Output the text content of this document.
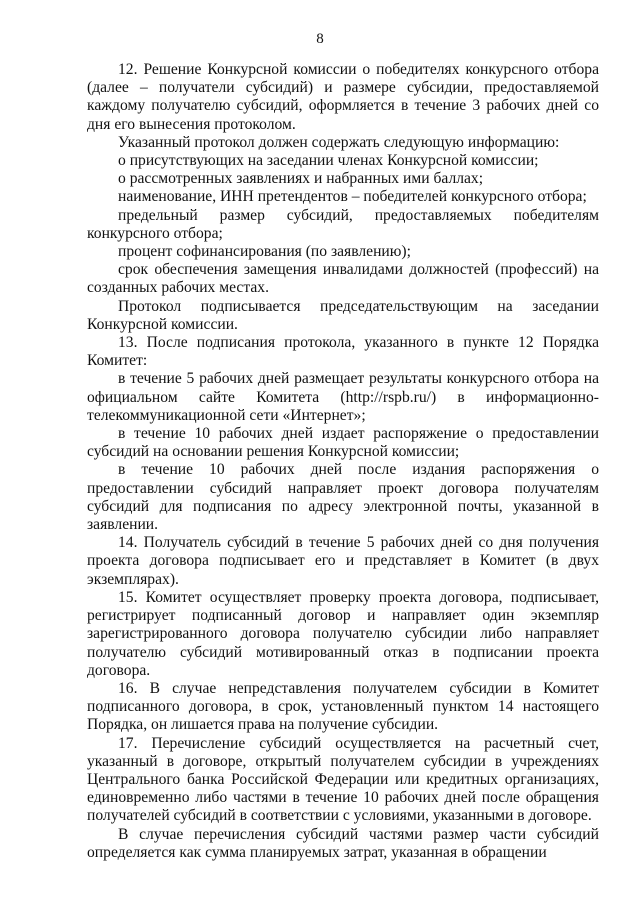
8

12. Решение Конкурсной комиссии о победителях конкурсного отбора (далее – получатели субсидий) и размере субсидии, предоставляемой каждому получателю субсидий, оформляется в течение 3 рабочих дней со дня его вынесения протоколом.

Указанный протокол должен содержать следующую информацию:

о присутствующих на заседании членах Конкурсной комиссии;

о рассмотренных заявлениях и набранных ими баллах;

наименование, ИНН претендентов – победителей конкурсного отбора;

предельный размер субсидий, предоставляемых победителям конкурсного отбора;

процент софинансирования (по заявлению);

срок обеспечения замещения инвалидами должностей (профессий) на созданных рабочих местах.

Протокол подписывается председательствующим на заседании Конкурсной комиссии.

13. После подписания протокола, указанного в пункте 12 Порядка Комитет:

в течение 5 рабочих дней размещает результаты конкурсного отбора на официальном сайте Комитета (http://rspb.ru/) в информационно-телекоммуникационной сети «Интернет»;

в течение 10 рабочих дней издает распоряжение о предоставлении субсидий на основании решения Конкурсной комиссии;

в течение 10 рабочих дней после издания распоряжения о предоставлении субсидий направляет проект договора получателям субсидий для подписания по адресу электронной почты, указанной в заявлении.

14. Получатель субсидий в течение 5 рабочих дней со дня получения проекта договора подписывает его и представляет в Комитет (в двух экземплярах).

15. Комитет осуществляет проверку проекта договора, подписывает, регистрирует подписанный договор и направляет один экземпляр зарегистрированного договора получателю субсидии либо направляет получателю субсидий мотивированный отказ в подписании проекта договора.

16. В случае непредставления получателем субсидии в Комитет подписанного договора, в срок, установленный пунктом 14 настоящего Порядка, он лишается права на получение субсидии.

17. Перечисление субсидий осуществляется на расчетный счет, указанный в договоре, открытый получателем субсидии в учреждениях Центрального банка Российской Федерации или кредитных организациях, единовременно либо частями в течение 10 рабочих дней после обращения получателей субсидий в соответствии с условиями, указанными в договоре.

В случае перечисления субсидий частями размер части субсидий определяется как сумма планируемых затрат, указанная в обращении
